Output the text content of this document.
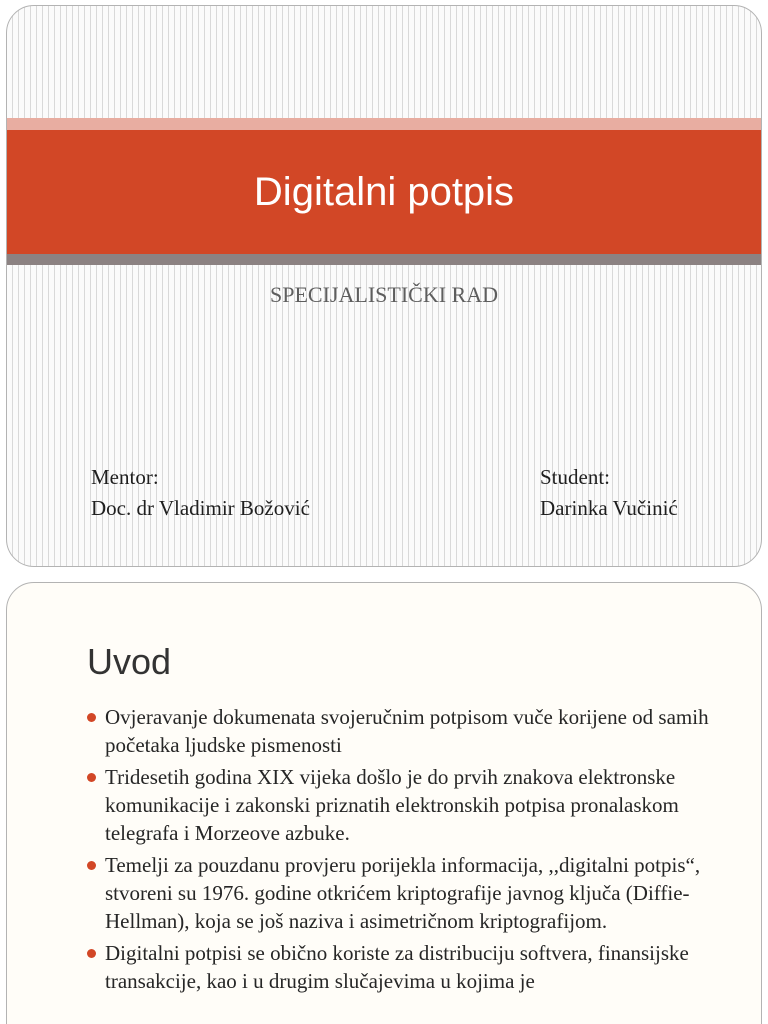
Digitalni potpis

SPECIJALISTIČKI RAD

Mentor:
Doc. dr Vladimir Božović
Student:
Darinka Vučinić
Uvod
Ovjeravanje dokumenata svojeručnim potpisom vuče korijene od samih početaka ljudske pismenosti
Tridesetih godina XIX vijeka došlo je do prvih znakova elektronske komunikacije i zakonski priznatih elektronskih potpisa pronalaskom telegrafa i Morzeove azbuke.
Temelji za pouzdanu provjeru porijekla informacija, ,,digitalni potpis“, stvoreni su 1976. godine otkrićem kriptografije javnog ključa (Diffie-Hellman), koja se još naziva i asimetričnom kriptografijom.
Digitalni potpisi se obično koriste za distribuciju softvera, finansijske transakcije, kao i u drugim slučajevima u kojima je
